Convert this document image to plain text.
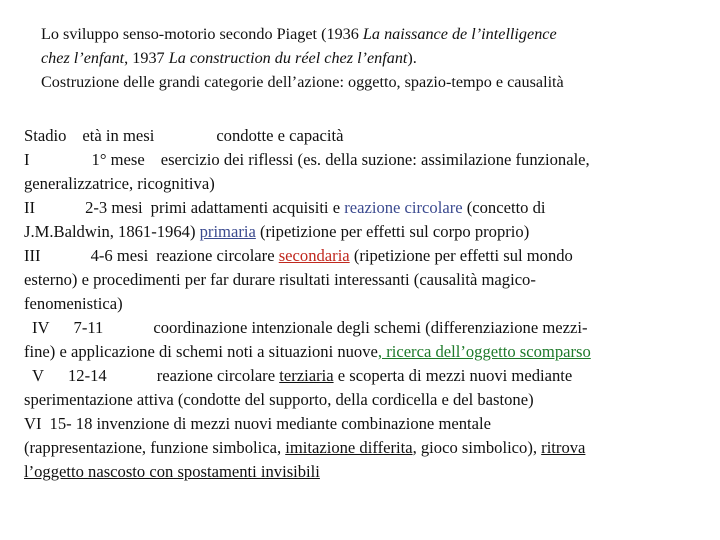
Lo sviluppo senso-motorio secondo Piaget (1936 La naissance de l’intelligence
chez l’enfant, 1937 La construction du réel chez l’enfant).
Costruzione delle grandi categorie dell’azione: oggetto, spazio-tempo e causalità
Stadio età in mesi	condotte e capacità
I	1° mese esercizio dei riflessi (es. della suzione: assimilazione funzionale,
generalizzatrice, ricognitiva)
II	2-3 mesi primi adattamenti acquisiti e reazione circolare (concetto di
J.M.Baldwin, 1861-1964) primaria (ripetizione per effetti sul corpo proprio)
III	4-6 mesi reazione circolare secondaria (ripetizione per effetti sul mondo
esterno) e procedimenti per far durare risultati interessanti (causalità magico-
fenomenistica)
IV 7-11	coordinazione intenzionale degli schemi (differenziazione mezzi-
fine) e applicazione di schemi noti a situazioni nuove, ricerca dell’oggetto scomparso
V 12-14	reazione circolare terziaria e scoperta di mezzi nuovi mediante
sperimentazione attiva (condotte del supporto, della cordicella e del bastone)
VI 15- 18 invenzione di mezzi nuovi mediante combinazione mentale
(rappresentazione, funzione simbolica, imitazione differita, gioco simbolico), ritrova
l’oggetto nascosto con spostamenti invisibili
